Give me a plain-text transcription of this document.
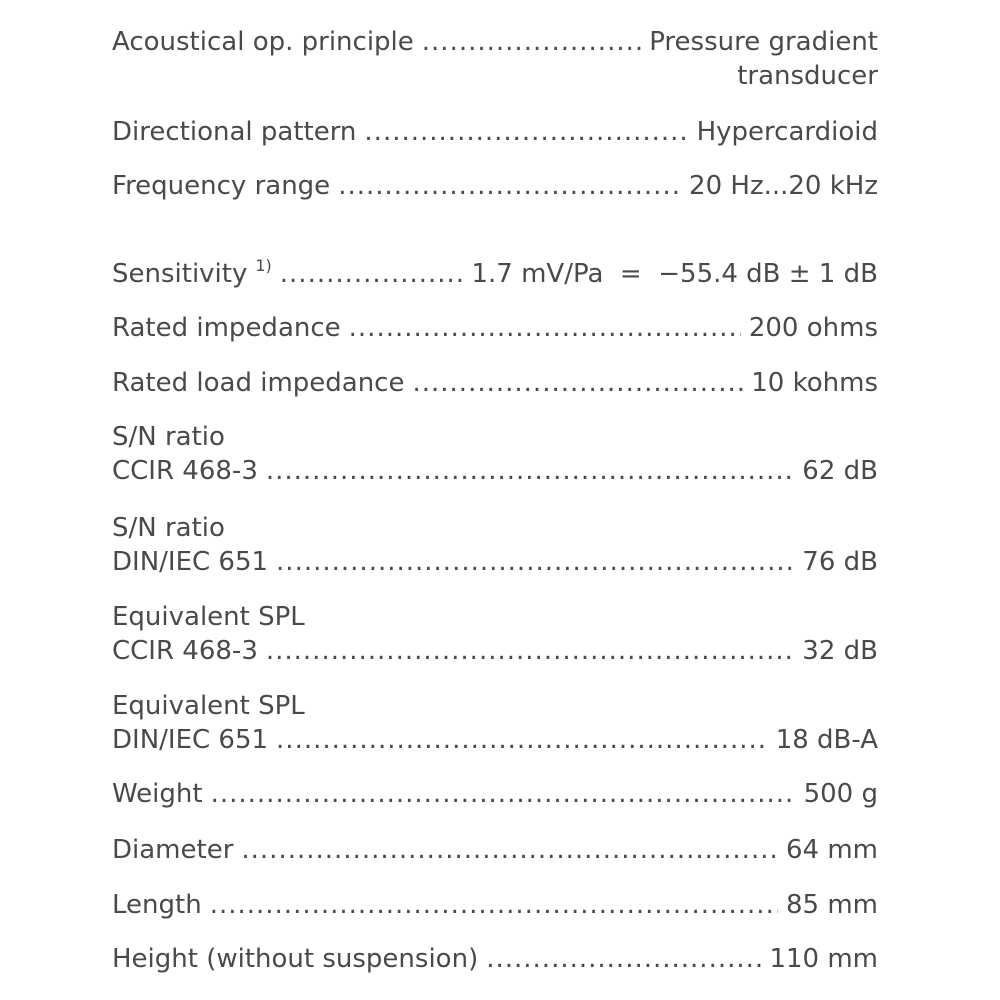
Acoustical op. principle .....	Pressure gradient
transducer
Directional pattern .....	Hypercardioid
Frequency range .....	20 Hz...20 kHz
Sensitivity $^{1)}$ .....	1.7 mV/Pa  =  −55.4 dB ± 1 dB
Rated impedance .....	200 ohms
Rated load impedance .....	10 kohms
S/N ratio
CCIR 468-3 .....	62 dB
S/N ratio
DIN/IEC 651 .....	76 dB
Equivalent SPL
CCIR 468-3 .....	32 dB
Equivalent SPL
DIN/IEC 651 .....	18 dB-A
Weight .....	500 g
Diameter .....	64 mm
Length .....	85 mm
Height (without suspension) .....	110 mm
